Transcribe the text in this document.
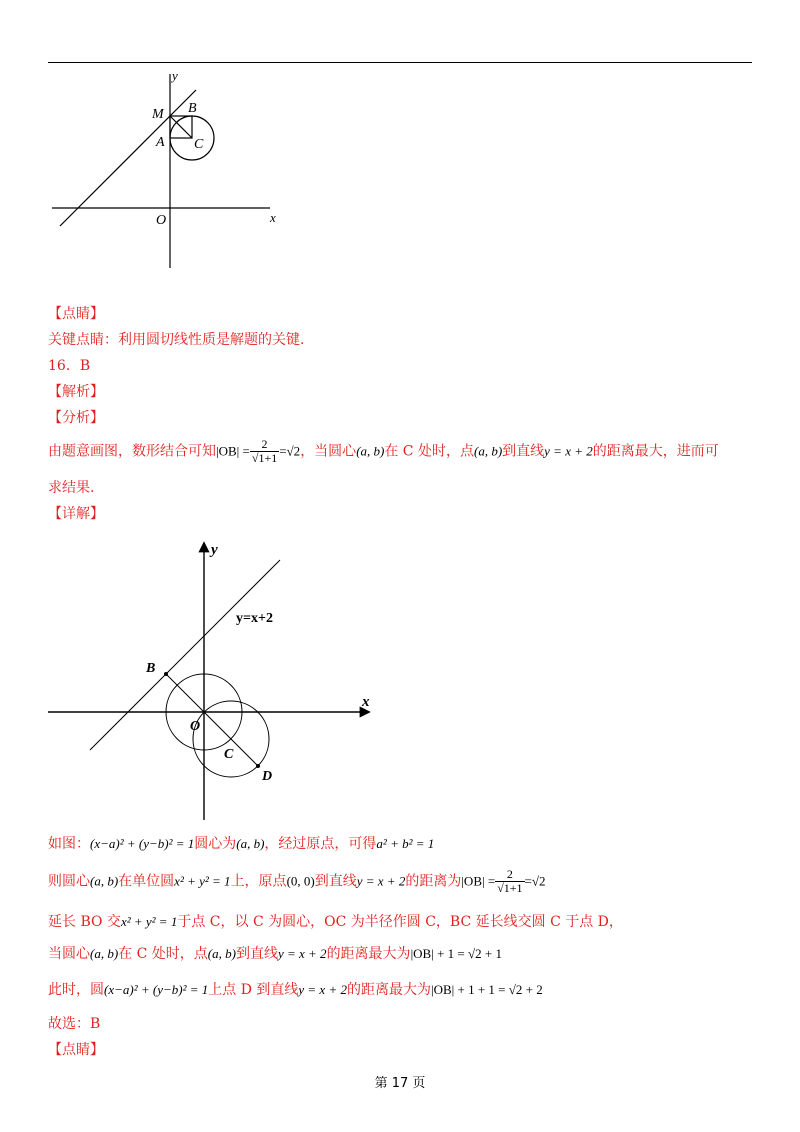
y
M B
A C
O	x
【点睛】
关键点睛：利用圆切线性质是解题的关键.
16．B
【解析】
【分析】
由题意画图，数形结合可知$|OB| = \frac{2}{√1+1} =√2$，当圆心(a, b)在 C 处时，点(a, b)到直线y = x + 2的距离最大，进而可
求结果.
【详解】
y
y=x+2
x
B
O
C
D
如图：(x−a)² + (y−b)² = 1圆心为(a, b)，经过原点，可得a² + b² = 1
则圆心(a, b)在单位圆x² + y² = 1上，原点(0, 0)到直线y = x + 2的距离为$|OB| = \frac{2}{√1+1} =√2$
延长 BO 交x² + y² = 1于点 C，以 C 为圆心，OC 为半径作圆 C，BC 延长线交圆 C 于点 D，
当圆心(a, b)在 C 处时，点(a, b)到直线y = x + 2的距离最大为|OB| + 1 = √2 + 1
此时，圆(x−a)² + (y−b)² = 1上点 D 到直线y = x + 2的距离最大为|OB| + 1 + 1 = √2 + 2
故选：B
【点睛】
第 17 页
